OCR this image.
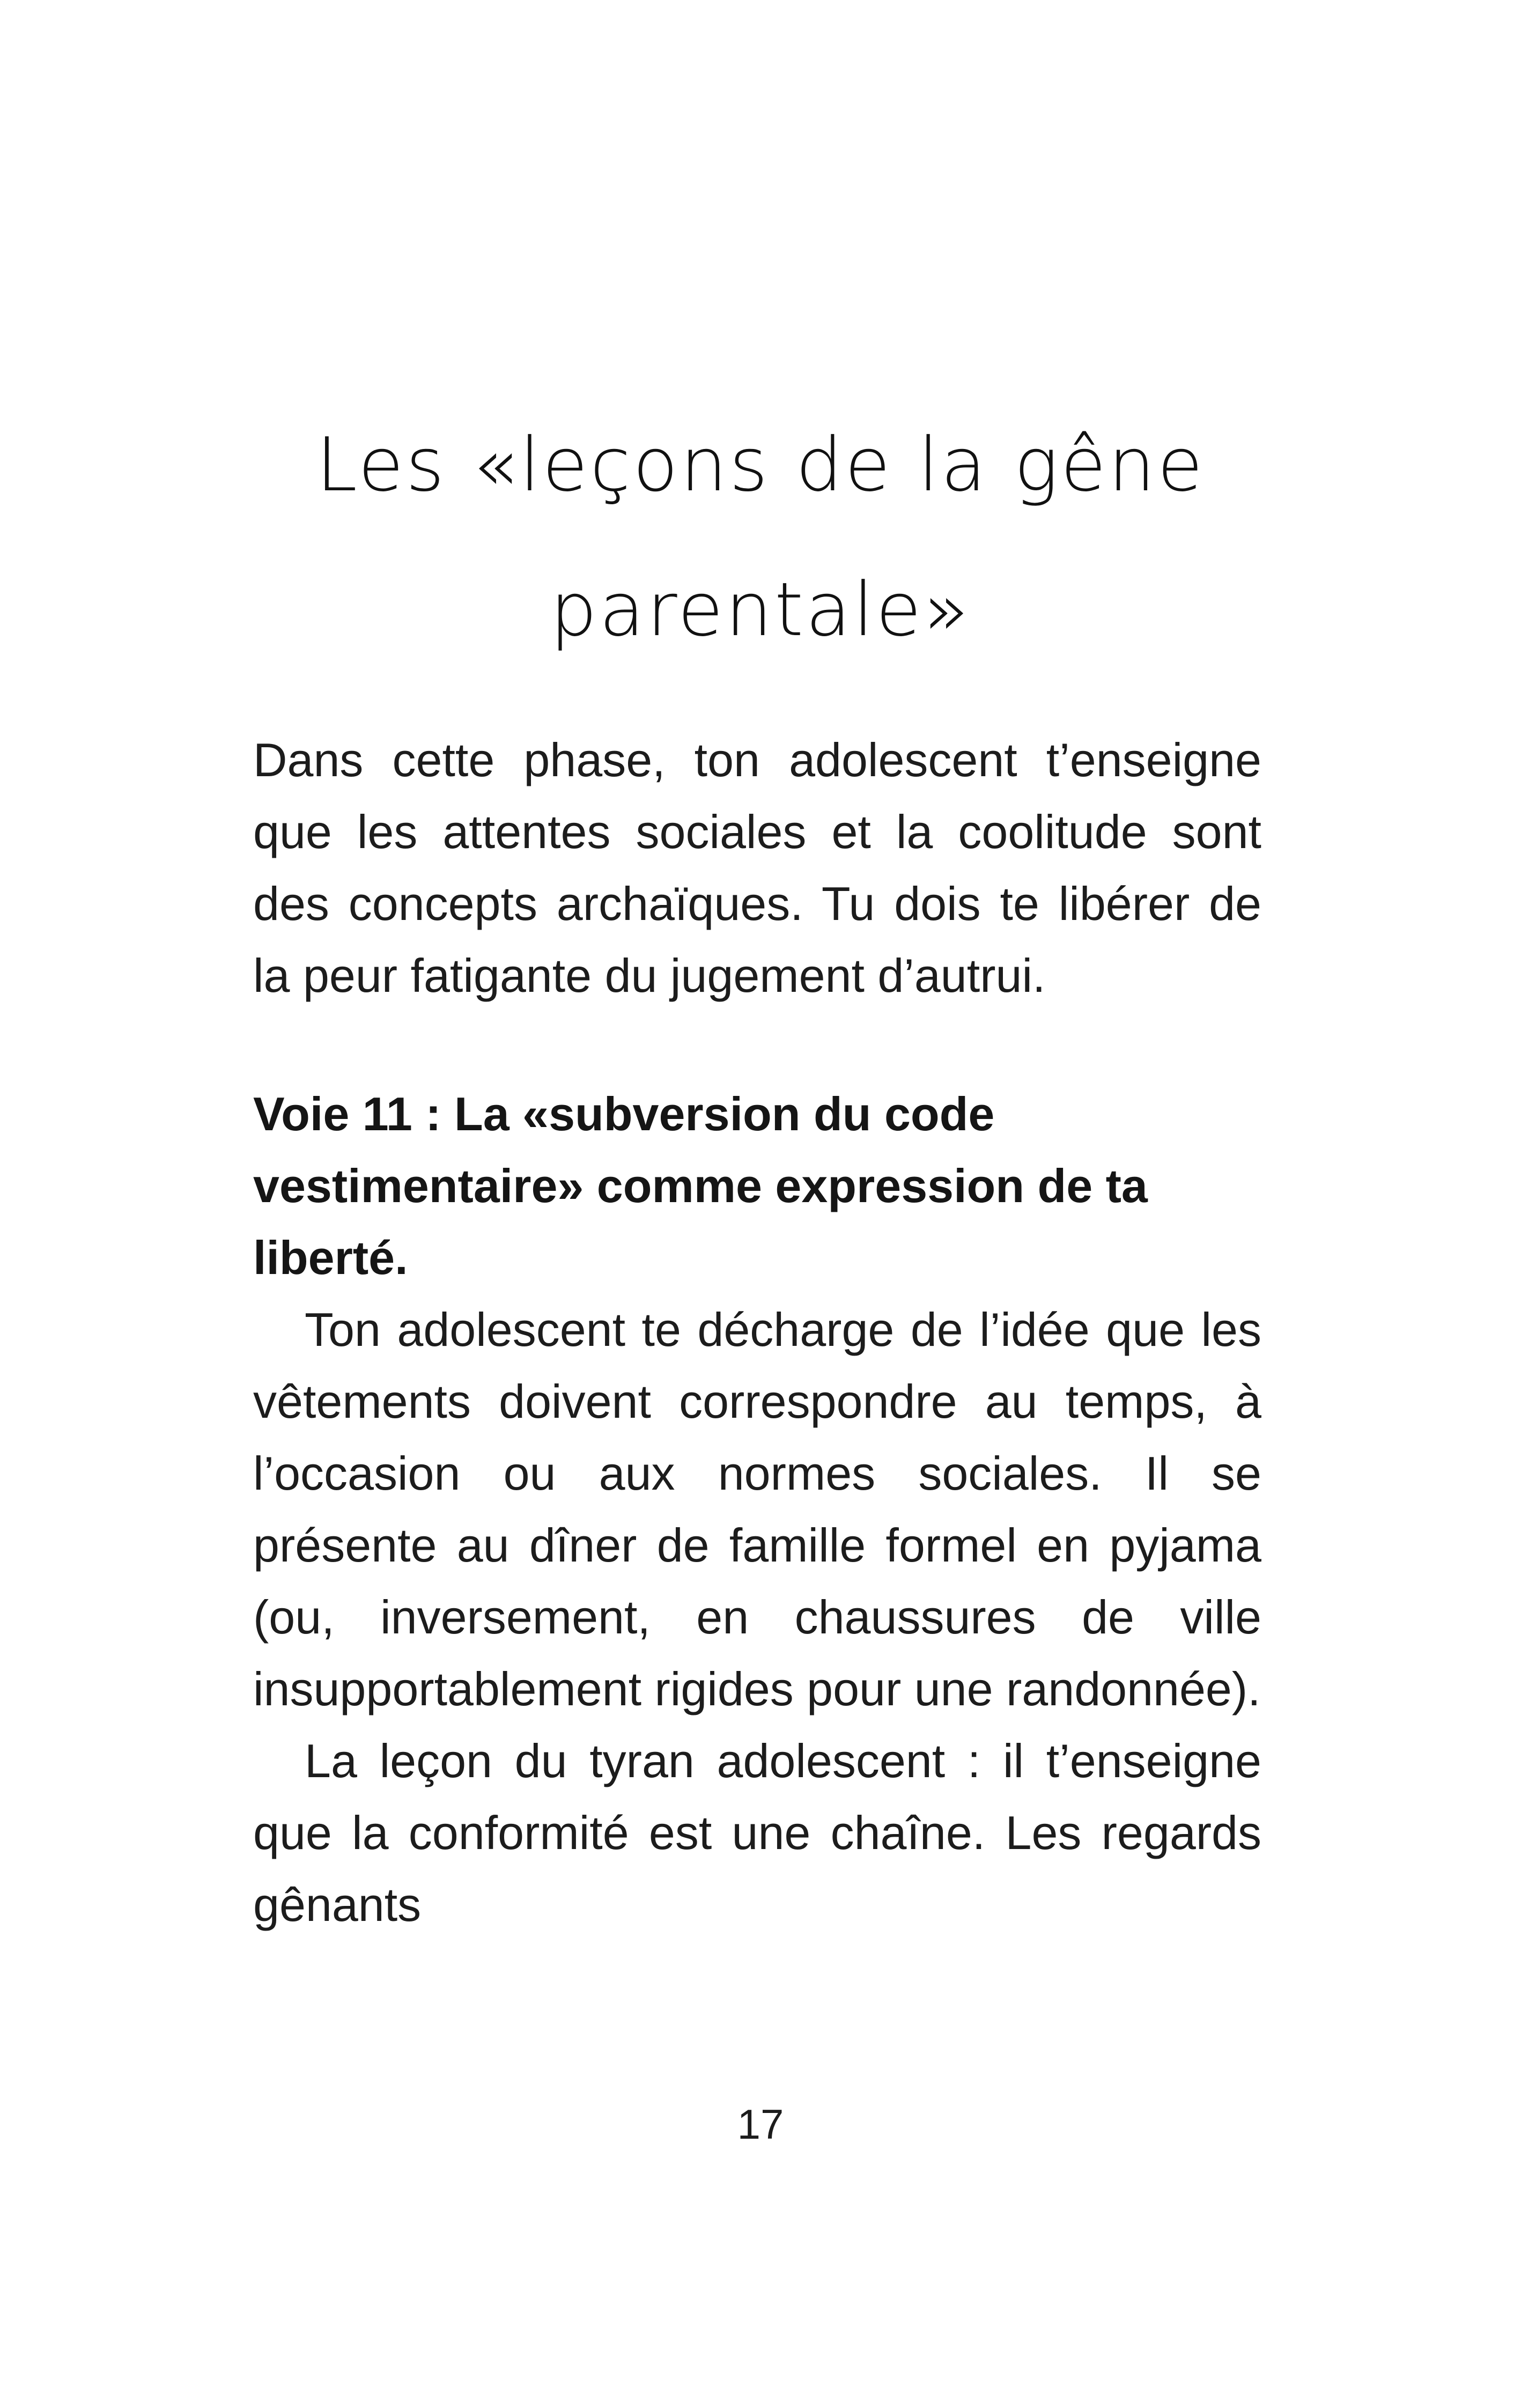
Les «leçons de la gêne
parentale»

Dans cette phase, ton adolescent t’enseigne que les attentes sociales et la coolitude sont des concepts archaïques. Tu dois te libérer de la peur fatigante du jugement d’autrui.

Voie 11 : La «subversion du code vestimentaire» comme expression de ta liberté.

Ton adolescent te décharge de l’idée que les vêtements doivent correspondre au temps, à l’occasion ou aux normes sociales. Il se présente au dîner de famille formel en pyjama (ou, inversement, en chaussures de ville insupportablement rigides pour une randonnée).

La leçon du tyran adolescent : il t’enseigne que la conformité est une chaîne. Les regards gênants

17
